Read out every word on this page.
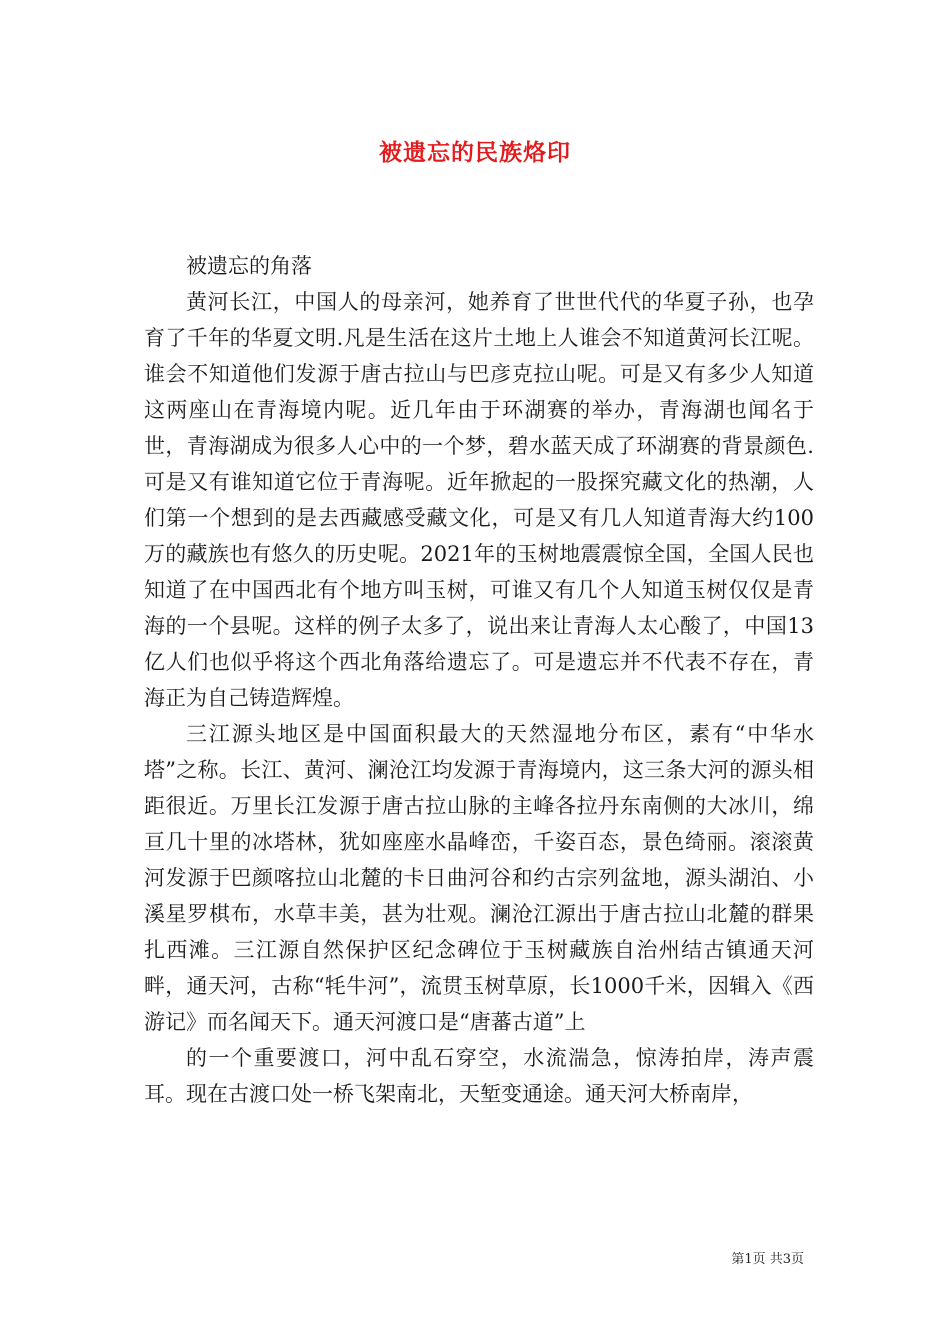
被遗忘的民族烙印

被遗忘的角落

黄河长江，中国人的母亲河，她养育了世世代代的华夏子孙，也孕育了千年的华夏文明.凡是生活在这片土地上人谁会不知道黄河长江呢。谁会不知道他们发源于唐古拉山与巴彦克拉山呢。可是又有多少人知道这两座山在青海境内呢。近几年由于环湖赛的举办，青海湖也闻名于世，青海湖成为很多人心中的一个梦，碧水蓝天成了环湖赛的背景颜色.可是又有谁知道它位于青海呢。近年掀起的一股探究藏文化的热潮，人们第一个想到的是去西藏感受藏文化，可是又有几人知道青海大约100万的藏族也有悠久的历史呢。2021年的玉树地震震惊全国，全国人民也知道了在中国西北有个地方叫玉树，可谁又有几个人知道玉树仅仅是青海的一个县呢。这样的例子太多了，说出来让青海人太心酸了，中国13亿人们也似乎将这个西北角落给遗忘了。可是遗忘并不代表不存在，青海正为自己铸造辉煌。

三江源头地区是中国面积最大的天然湿地分布区，素有“中华水塔”之称。长江、黄河、澜沧江均发源于青海境内，这三条大河的源头相距很近。万里长江发源于唐古拉山脉的主峰各拉丹东南侧的大冰川，绵亘几十里的冰塔林，犹如座座水晶峰峦，千姿百态，景色绮丽。滚滚黄河发源于巴颜喀拉山北麓的卡日曲河谷和约古宗列盆地，源头湖泊、小溪星罗棋布，水草丰美，甚为壮观。澜沧江源出于唐古拉山北麓的群果扎西滩。三江源自然保护区纪念碑位于玉树藏族自治州结古镇通天河畔，通天河，古称“牦牛河”，流贯玉树草原，长1000千米，因辑入《西游记》而名闻天下。通天河渡口是“唐蕃古道”上

的一个重要渡口，河中乱石穿空，水流湍急，惊涛拍岸，涛声震耳。现在古渡口处一桥飞架南北，天堑变通途。通天河大桥南岸，

第1页 共3页
